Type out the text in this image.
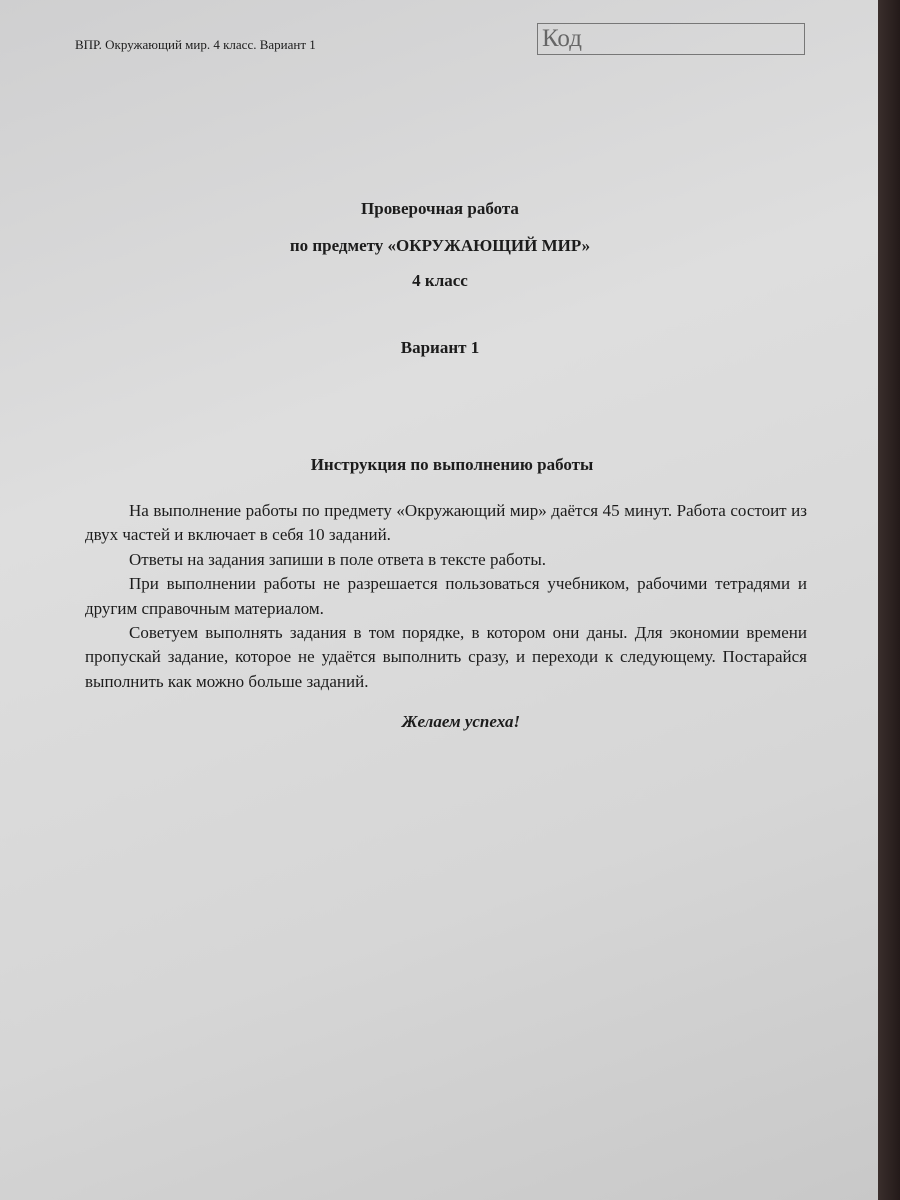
ВПР. Окружающий мир. 4 класс. Вариант 1	Код
Проверочная работа
по предмету «ОКРУЖАЮЩИЙ МИР»
4 класс
Вариант 1
Инструкция по выполнению работы

На выполнение работы по предмету «Окружающий мир» даётся 45 минут. Работа состоит из двух частей и включает в себя 10 заданий.

Ответы на задания запиши в поле ответа в тексте работы.

При выполнении работы не разрешается пользоваться учебником, рабочими тетрадями и другим справочным материалом.

Советуем выполнять задания в том порядке, в котором они даны. Для экономии времени пропускай задание, которое не удаётся выполнить сразу, и переходи к следующему. Постарайся выполнить как можно больше заданий.

Желаем успеха!
